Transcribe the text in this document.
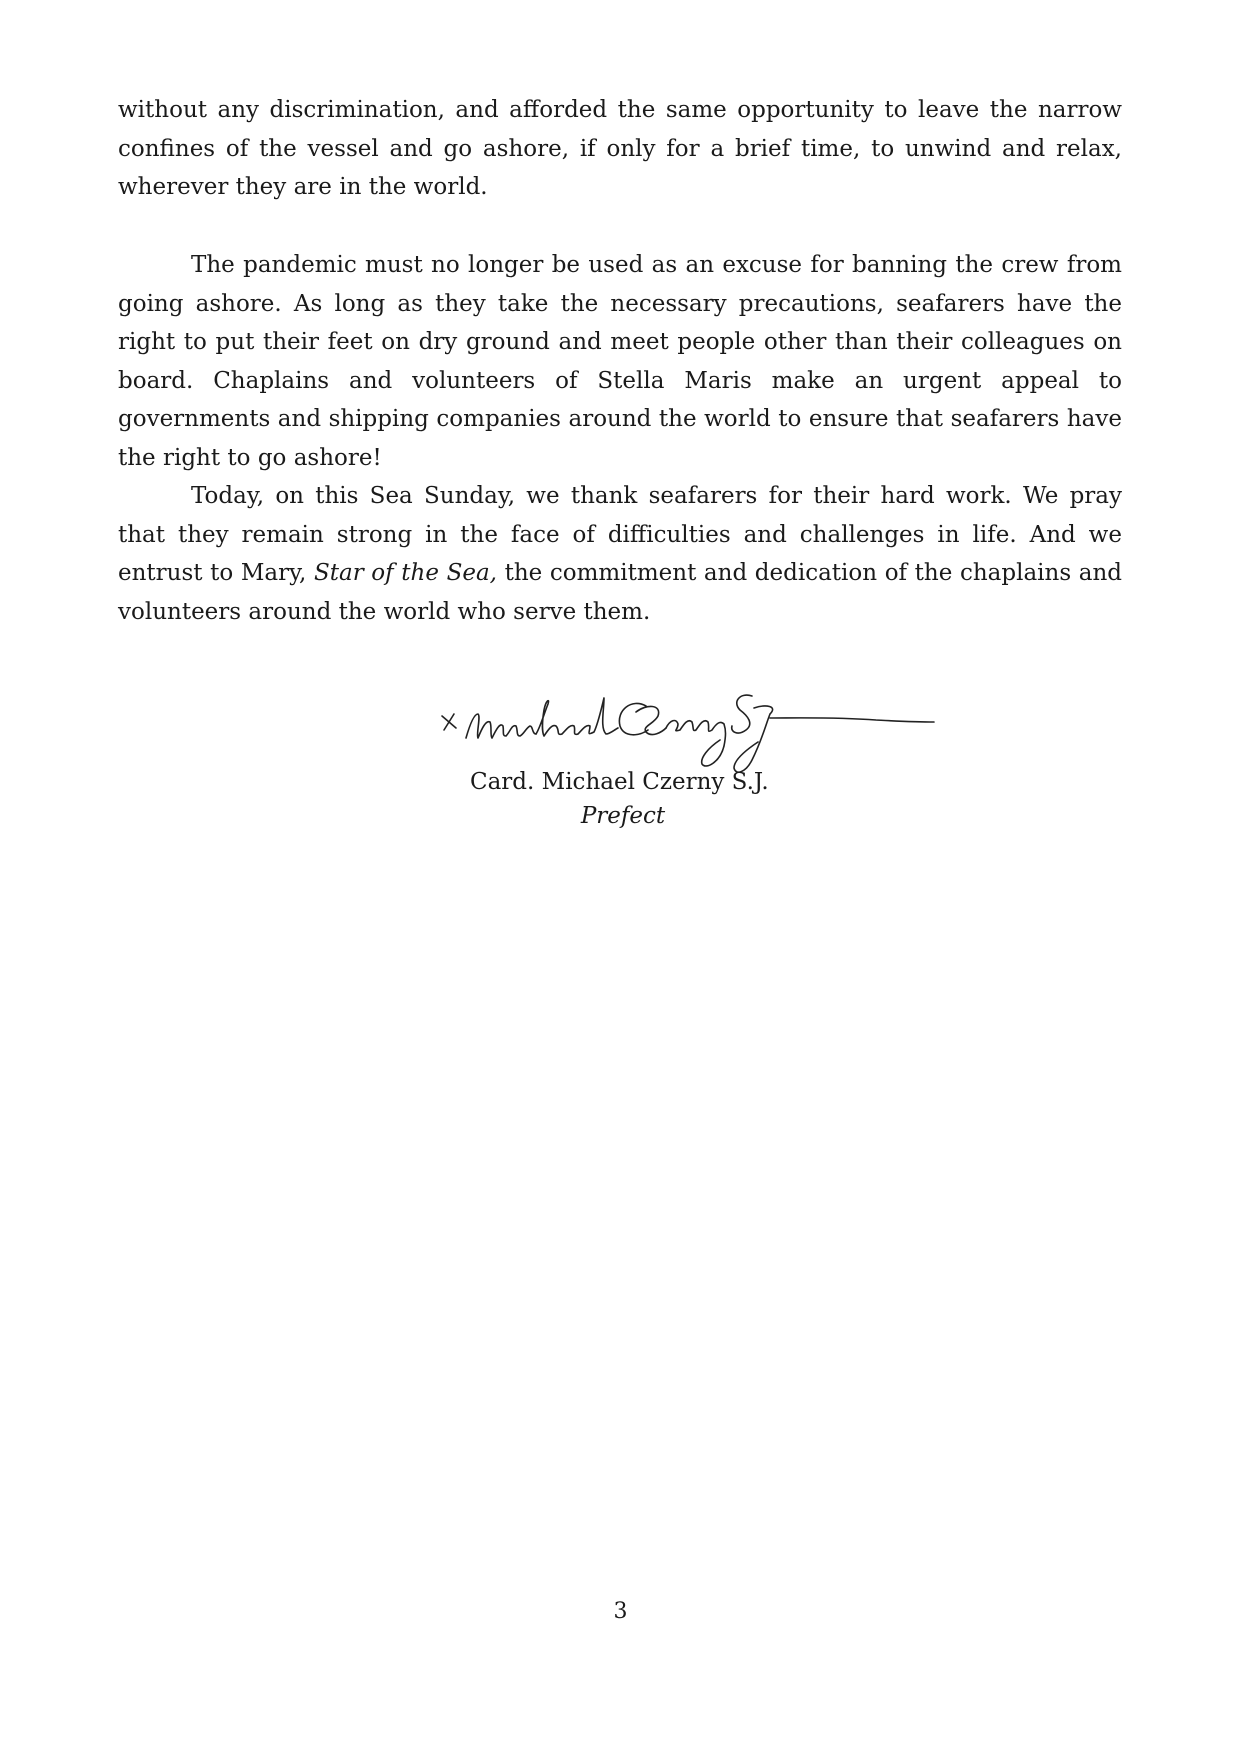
without any discrimination, and afforded the same opportunity to leave the narrow confines of the vessel and go ashore, if only for a brief time, to unwind and relax, wherever they are in the world.

The pandemic must no longer be used as an excuse for banning the crew from going ashore. As long as they take the necessary precautions, seafarers have the right to put their feet on dry ground and meet people other than their colleagues on board. Chaplains and volunteers of Stella Maris make an urgent appeal to governments and shipping companies around the world to ensure that seafarers have the right to go ashore!

Today, on this Sea Sunday, we thank seafarers for their hard work. We pray that they remain strong in the face of difficulties and challenges in life. And we entrust to Mary, Star of the Sea, the commitment and dedication of the chaplains and volunteers around the world who serve them.

Card. Michael Czerny S.J.

Prefect

3
